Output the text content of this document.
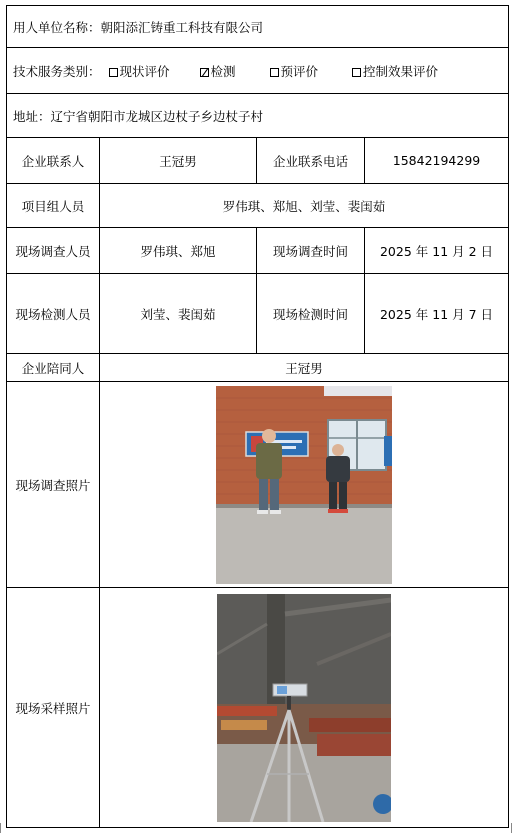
用人单位名称：朝阳添汇铸重工科技有限公司			
技术服务类别： 现状评价 检测 预评价 控制效果评价			
地址：辽宁省朝阳市龙城区边杖子乡边杖子村			
企业联系人	王冠男	企业联系电话	15842194299
项目组人员	罗伟琪、郑旭、刘莹、裴闺茹		
现场调查人员	罗伟琪、郑旭	现场调查时间	2025 年 11 月 2 日
现场检测人员	刘莹、裴闺茹	现场检测时间	2025 年 11 月 7 日
企业陪同人	王冠男		
现场调查照片	

现场采样照片	
